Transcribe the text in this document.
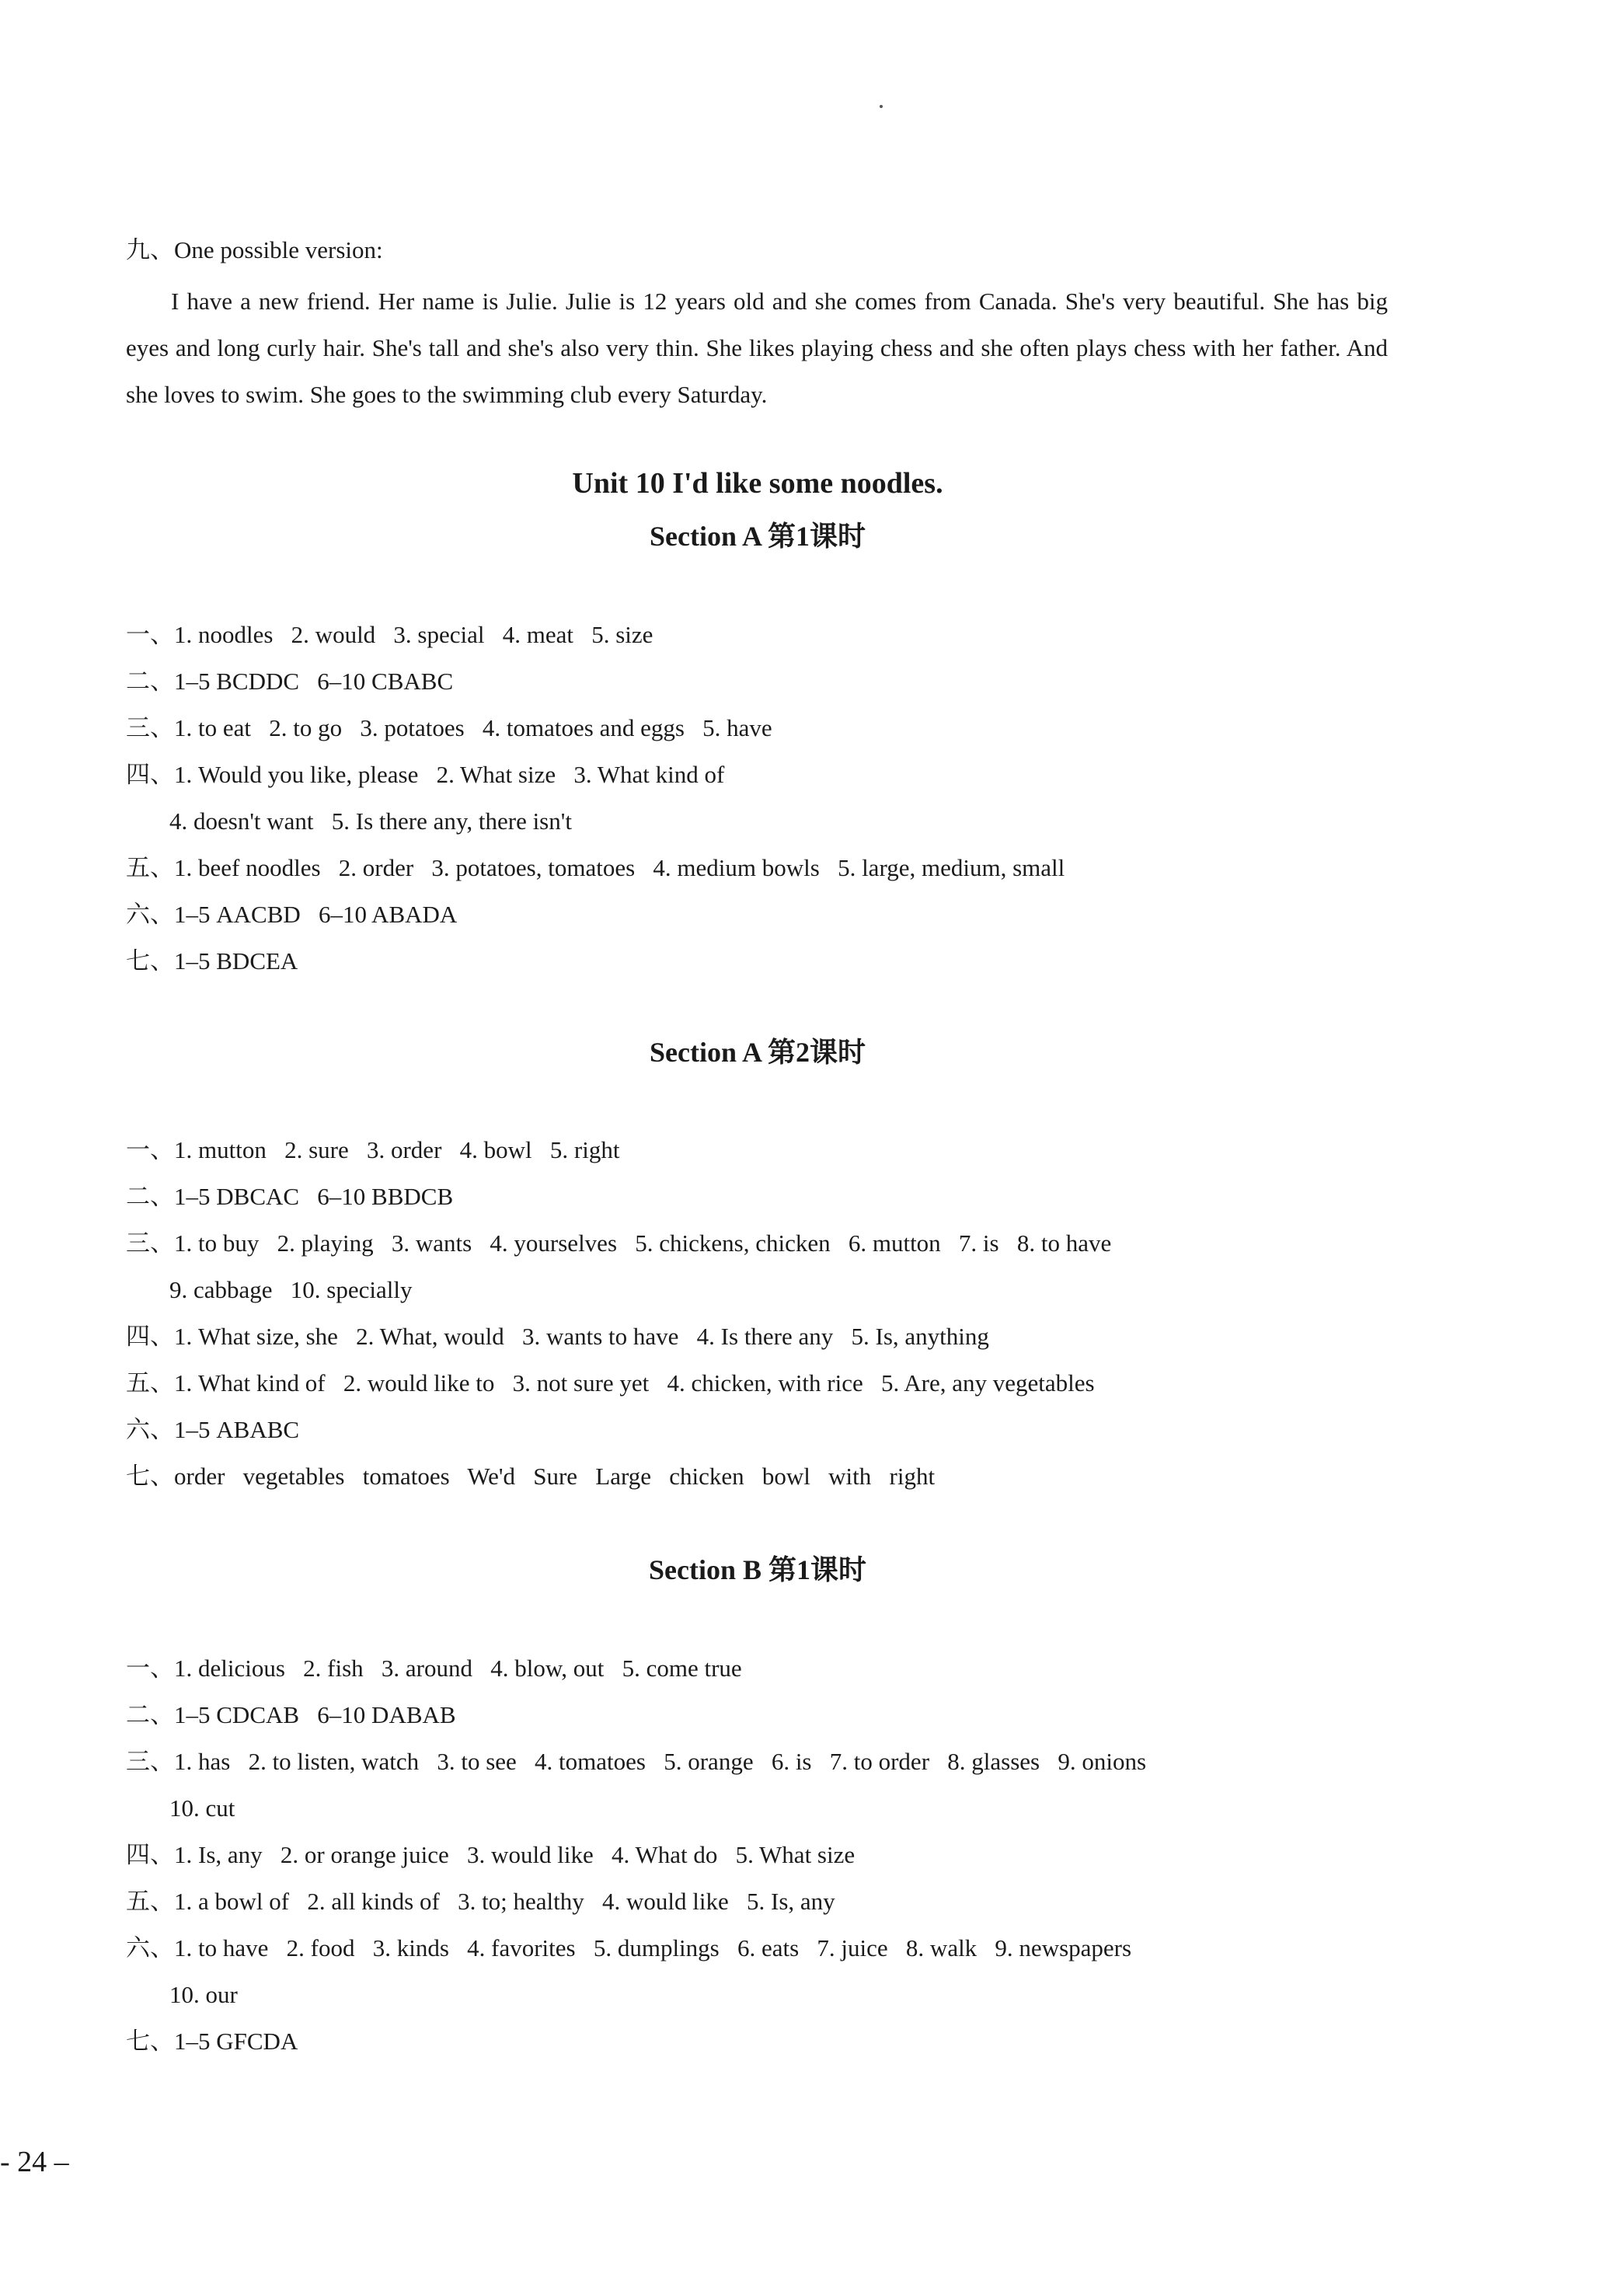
九、One possible version:
I have a new friend. Her name is Julie. Julie is 12 years old and she comes from Canada. She's very beautiful. She has big eyes and long curly hair. She's tall and she's also very thin. She likes playing chess and she often plays chess with her father. And she loves to swim. She goes to the swimming club every Saturday.
Unit 10 I'd like some noodles.
Section A 第1课时
一、1. noodles   2. would   3. special   4. meat   5. size
二、1–5 BCDDC   6–10 CBABC
三、1. to eat   2. to go   3. potatoes   4. tomatoes and eggs   5. have
四、1. Would you like, please   2. What size   3. What kind of
4. doesn't want   5. Is there any, there isn't
五、1. beef noodles   2. order   3. potatoes, tomatoes   4. medium bowls   5. large, medium, small
六、1–5 AACBD   6–10 ABADA
七、1–5 BDCEA
Section A 第2课时
一、1. mutton   2. sure   3. order   4. bowl   5. right
二、1–5 DBCAC   6–10 BBDCB
三、1. to buy   2. playing   3. wants   4. yourselves   5. chickens, chicken   6. mutton   7. is   8. to have
9. cabbage   10. specially
四、1. What size, she   2. What, would   3. wants to have   4. Is there any   5. Is, anything
五、1. What kind of   2. would like to   3. not sure yet   4. chicken, with rice   5. Are, any vegetables
六、1–5 ABABC
七、order   vegetables   tomatoes   We'd   Sure   Large   chicken   bowl   with   right
Section B 第1课时
一、1. delicious   2. fish   3. around   4. blow, out   5. come true
二、1–5 CDCAB   6–10 DABAB
三、1. has   2. to listen, watch   3. to see   4. tomatoes   5. orange   6. is   7. to order   8. glasses   9. onions
10. cut
四、1. Is, any   2. or orange juice   3. would like   4. What do   5. What size
五、1. a bowl of   2. all kinds of   3. to; healthy   4. would like   5. Is, any
六、1. to have   2. food   3. kinds   4. favorites   5. dumplings   6. eats   7. juice   8. walk   9. newspapers
10. our
七、1–5 GFCDA
- 24 –
